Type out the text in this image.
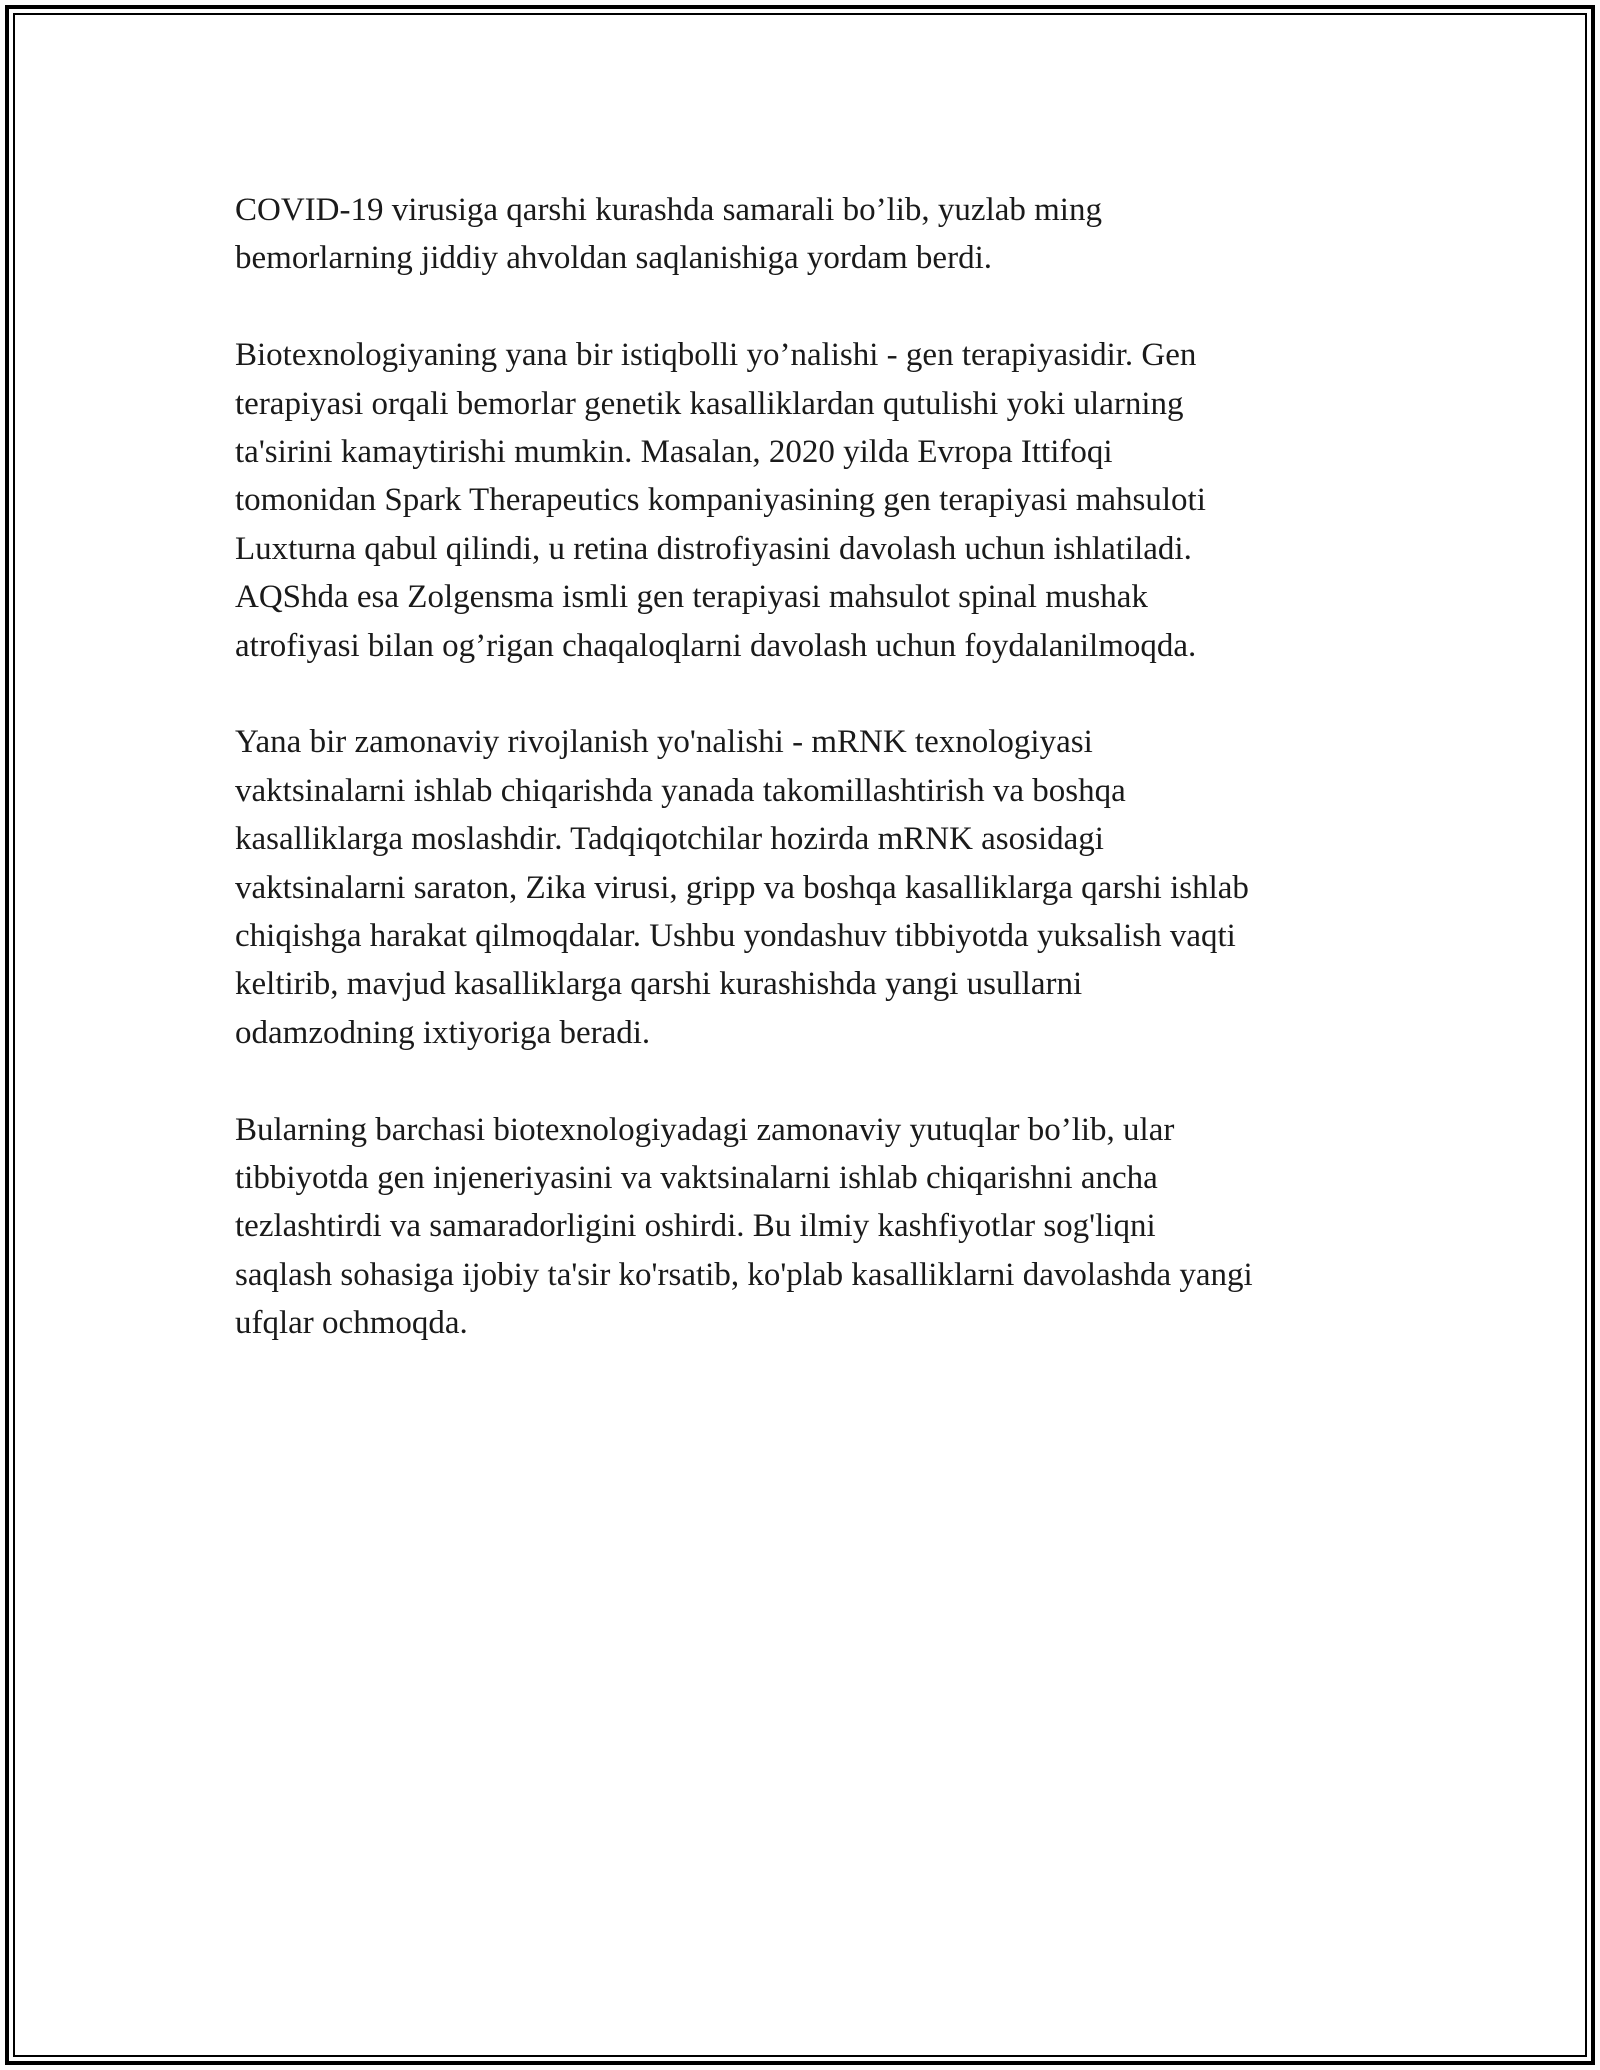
COVID-19 virusiga qarshi kurashda samarali bo’lib, yuzlab ming
bemorlarning jiddiy ahvoldan saqlanishiga yordam berdi.

Biotexnologiyaning yana bir istiqbolli yo’nalishi - gen terapiyasidir. Gen
terapiyasi orqali bemorlar genetik kasalliklardan qutulishi yoki ularning
ta'sirini kamaytirishi mumkin. Masalan, 2020 yilda Evropa Ittifoqi
tomonidan Spark Therapeutics kompaniyasining gen terapiyasi mahsuloti
Luxturna qabul qilindi, u retina distrofiyasini davolash uchun ishlatiladi.
AQShda esa Zolgensma ismli gen terapiyasi mahsulot spinal mushak
atrofiyasi bilan og’rigan chaqaloqlarni davolash uchun foydalanilmoqda.

Yana bir zamonaviy rivojlanish yo'nalishi - mRNK texnologiyasi
vaktsinalarni ishlab chiqarishda yanada takomillashtirish va boshqa
kasalliklarga moslashdir. Tadqiqotchilar hozirda mRNK asosidagi
vaktsinalarni saraton, Zika virusi, gripp va boshqa kasalliklarga qarshi ishlab
chiqishga harakat qilmoqdalar. Ushbu yondashuv tibbiyotda yuksalish vaqti
keltirib, mavjud kasalliklarga qarshi kurashishda yangi usullarni
odamzodning ixtiyoriga beradi.

Bularning barchasi biotexnologiyadagi zamonaviy yutuqlar bo’lib, ular
tibbiyotda gen injeneriyasini va vaktsinalarni ishlab chiqarishni ancha
tezlashtirdi va samaradorligini oshirdi. Bu ilmiy kashfiyotlar sog'liqni
saqlash sohasiga ijobiy ta'sir ko'rsatib, ko'plab kasalliklarni davolashda yangi
ufqlar ochmoqda.
